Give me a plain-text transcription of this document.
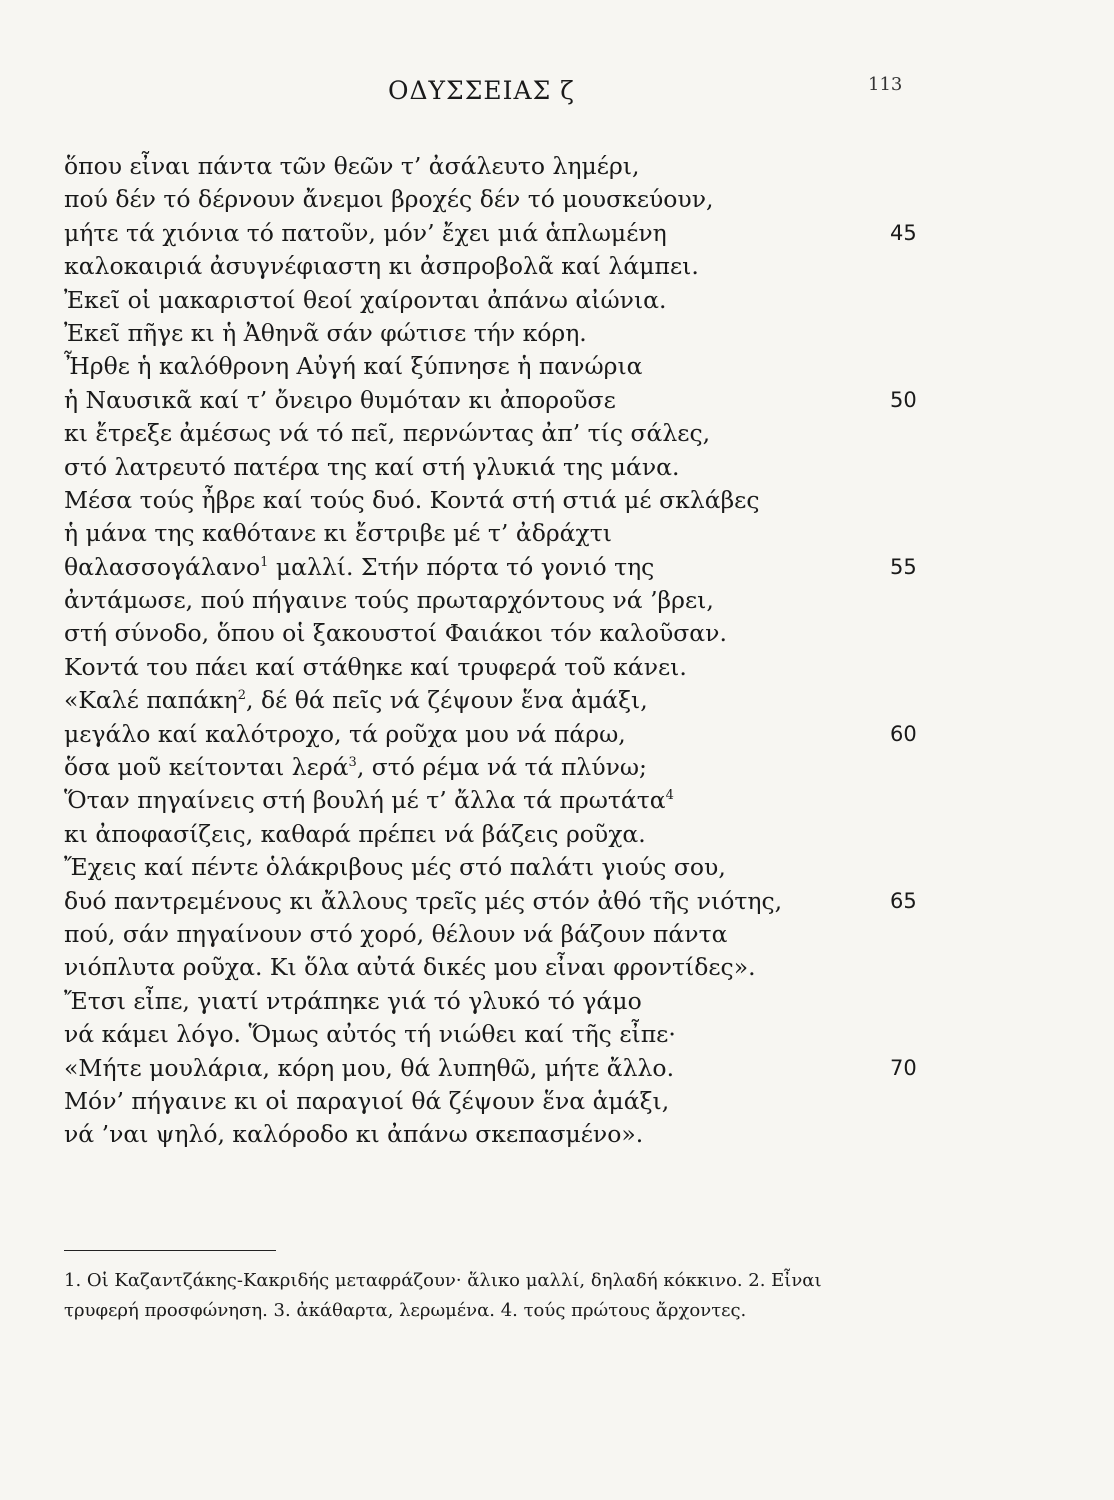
ΟΔΥΣΣΕΙΑΣ ζ	113
ὅπου εἶναι πάντα τῶν θεῶν τ’ ἀσάλευτο λημέρι,
πού δέν τό δέρνουν ἄνεμοι βροχές δέν τό μουσκεύουν,
μήτε τά χιόνια τό πατοῦν, μόν’ ἔχει μιά ἁπλωμένη	45
καλοκαιριά ἀσυγνέφιαστη κι ἀσπροβολᾶ καί λάμπει.
Ἐκεῖ οἱ μακαριστοί θεοί χαίρονται ἀπάνω αἰώνια.
Ἐκεῖ πῆγε κι ἡ Ἀθηνᾶ σάν φώτισε τήν κόρη.
Ἦρθε ἡ καλόθρονη Αὐγή καί ξύπνησε ἡ πανώρια
ἡ Ναυσικᾶ καί τ’ ὄνειρο θυμόταν κι ἀποροῦσε	50
κι ἔτρεξε ἀμέσως νά τό πεῖ, περνώντας ἀπ’ τίς σάλες,
στό λατρευτό πατέρα της καί στή γλυκιά της μάνα.
Μέσα τούς ἦβρε καί τούς δυό. Κοντά στή στιά μέ σκλάβες
ἡ μάνα της καθότανε κι ἔστριβε μέ τ’ ἀδράχτι
θαλασσογάλανο$^1$ μαλλί. Στήν πόρτα τό γονιό της	55
ἀντάμωσε, πού πήγαινε τούς πρωταρχόντους νά ’βρει,
στή σύνοδο, ὅπου οἱ ξακουστοί Φαιάκοι τόν καλοῦσαν.
Κοντά του πάει καί στάθηκε καί τρυφερά τοῦ κάνει.
«Καλέ παπάκη$^2$, δέ θά πεῖς νά ζέψουν ἕνα ἁμάξι,
μεγάλο καί καλότροχο, τά ροῦχα μου νά πάρω,	60
ὅσα μοῦ κείτονται λερά$^3$, στό ρέμα νά τά πλύνω;
Ὅταν πηγαίνεις στή βουλή μέ τ’ ἄλλα τά πρωτάτα$^4$
κι ἀποφασίζεις, καθαρά πρέπει νά βάζεις ροῦχα.
Ἔχεις καί πέντε ὁλάκριβους μές στό παλάτι γιούς σου,
δυό παντρεμένους κι ἄλλους τρεῖς μές στόν ἀθό τῆς νιότης,	65
πού, σάν πηγαίνουν στό χορό, θέλουν νά βάζουν πάντα
νιόπλυτα ροῦχα. Κι ὅλα αὐτά δικές μου εἶναι φροντίδες».
Ἔτσι εἶπε, γιατί ντράπηκε γιά τό γλυκό τό γάμο
νά κάμει λόγο. Ὅμως αὐτός τή νιώθει καί τῆς εἶπε·
«Μήτε μουλάρια, κόρη μου, θά λυπηθῶ, μήτε ἄλλο.	70
Μόν’ πήγαινε κι οἱ παραγιοί θά ζέψουν ἕνα ἁμάξι,
νά ’ναι ψηλό, καλόροδο κι ἀπάνω σκεπασμένο».
1. Οἱ Καζαντζάκης-Κακριδής μεταφράζουν· ἅλικο μαλλί, δηλαδή κόκκινο. 2. Εἶναι
τρυφερή προσφώνηση. 3. ἀκάθαρτα, λερωμένα. 4. τούς πρώτους ἄρχοντες.
